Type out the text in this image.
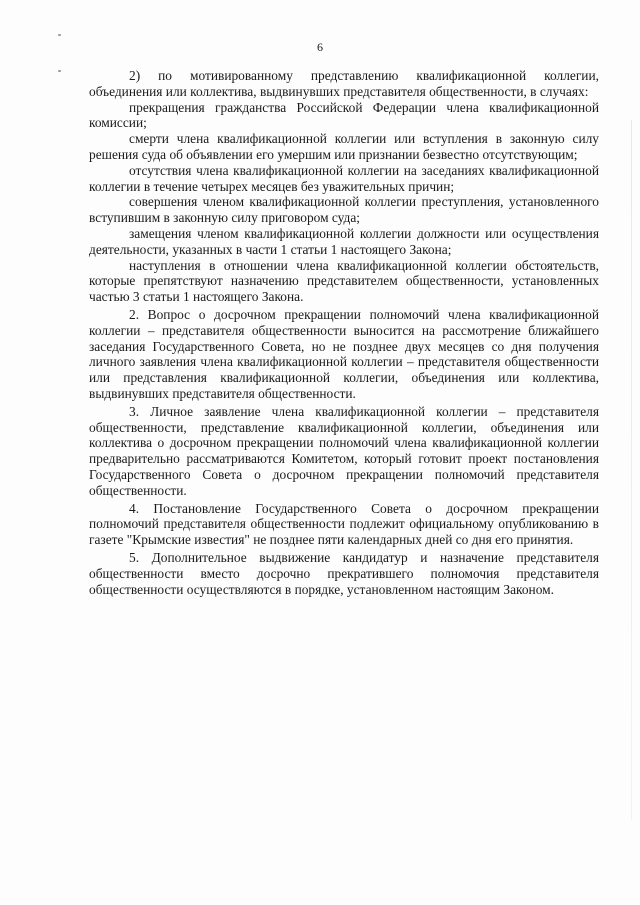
6

2) по мотивированному представлению квалификационной коллегии, объединения или коллектива, выдвинувших представителя общественности, в случаях:

прекращения гражданства Российской Федерации члена квалификационной комиссии;

смерти члена квалификационной коллегии или вступления в законную силу решения суда об объявлении его умершим или признании безвестно отсутствующим;

отсутствия члена квалификационной коллегии на заседаниях квалификационной коллегии в течение четырех месяцев без уважительных причин;

совершения членом квалификационной коллегии преступления, установленного вступившим в законную силу приговором суда;

замещения членом квалификационной коллегии должности или осуществления деятельности, указанных в части 1 статьи 1 настоящего Закона;

наступления в отношении члена квалификационной коллегии обстоятельств, которые препятствуют назначению представителем общественности, установленных частью 3 статьи 1 настоящего Закона.

2. Вопрос о досрочном прекращении полномочий члена квалификационной коллегии – представителя общественности выносится на рассмотрение ближайшего заседания Государственного Совета, но не позднее двух месяцев со дня получения личного заявления члена квалификационной коллегии – представителя общественности или представления квалификационной коллегии, объединения или коллектива, выдвинувших представителя общественности.

3. Личное заявление члена квалификационной коллегии – представителя общественности, представление квалификационной коллегии, объединения или коллектива о досрочном прекращении полномочий члена квалификационной коллегии предварительно рассматриваются Комитетом, который готовит проект постановления Государственного Совета о досрочном прекращении полномочий представителя общественности.

4. Постановление Государственного Совета о досрочном прекращении полномочий представителя общественности подлежит официальному опубликованию в газете "Крымские известия" не позднее пяти календарных дней со дня его принятия.

5. Дополнительное выдвижение кандидатур и назначение представителя общественности вместо досрочно прекратившего полномочия представителя общественности осуществляются в порядке, установленном настоящим Законом.
